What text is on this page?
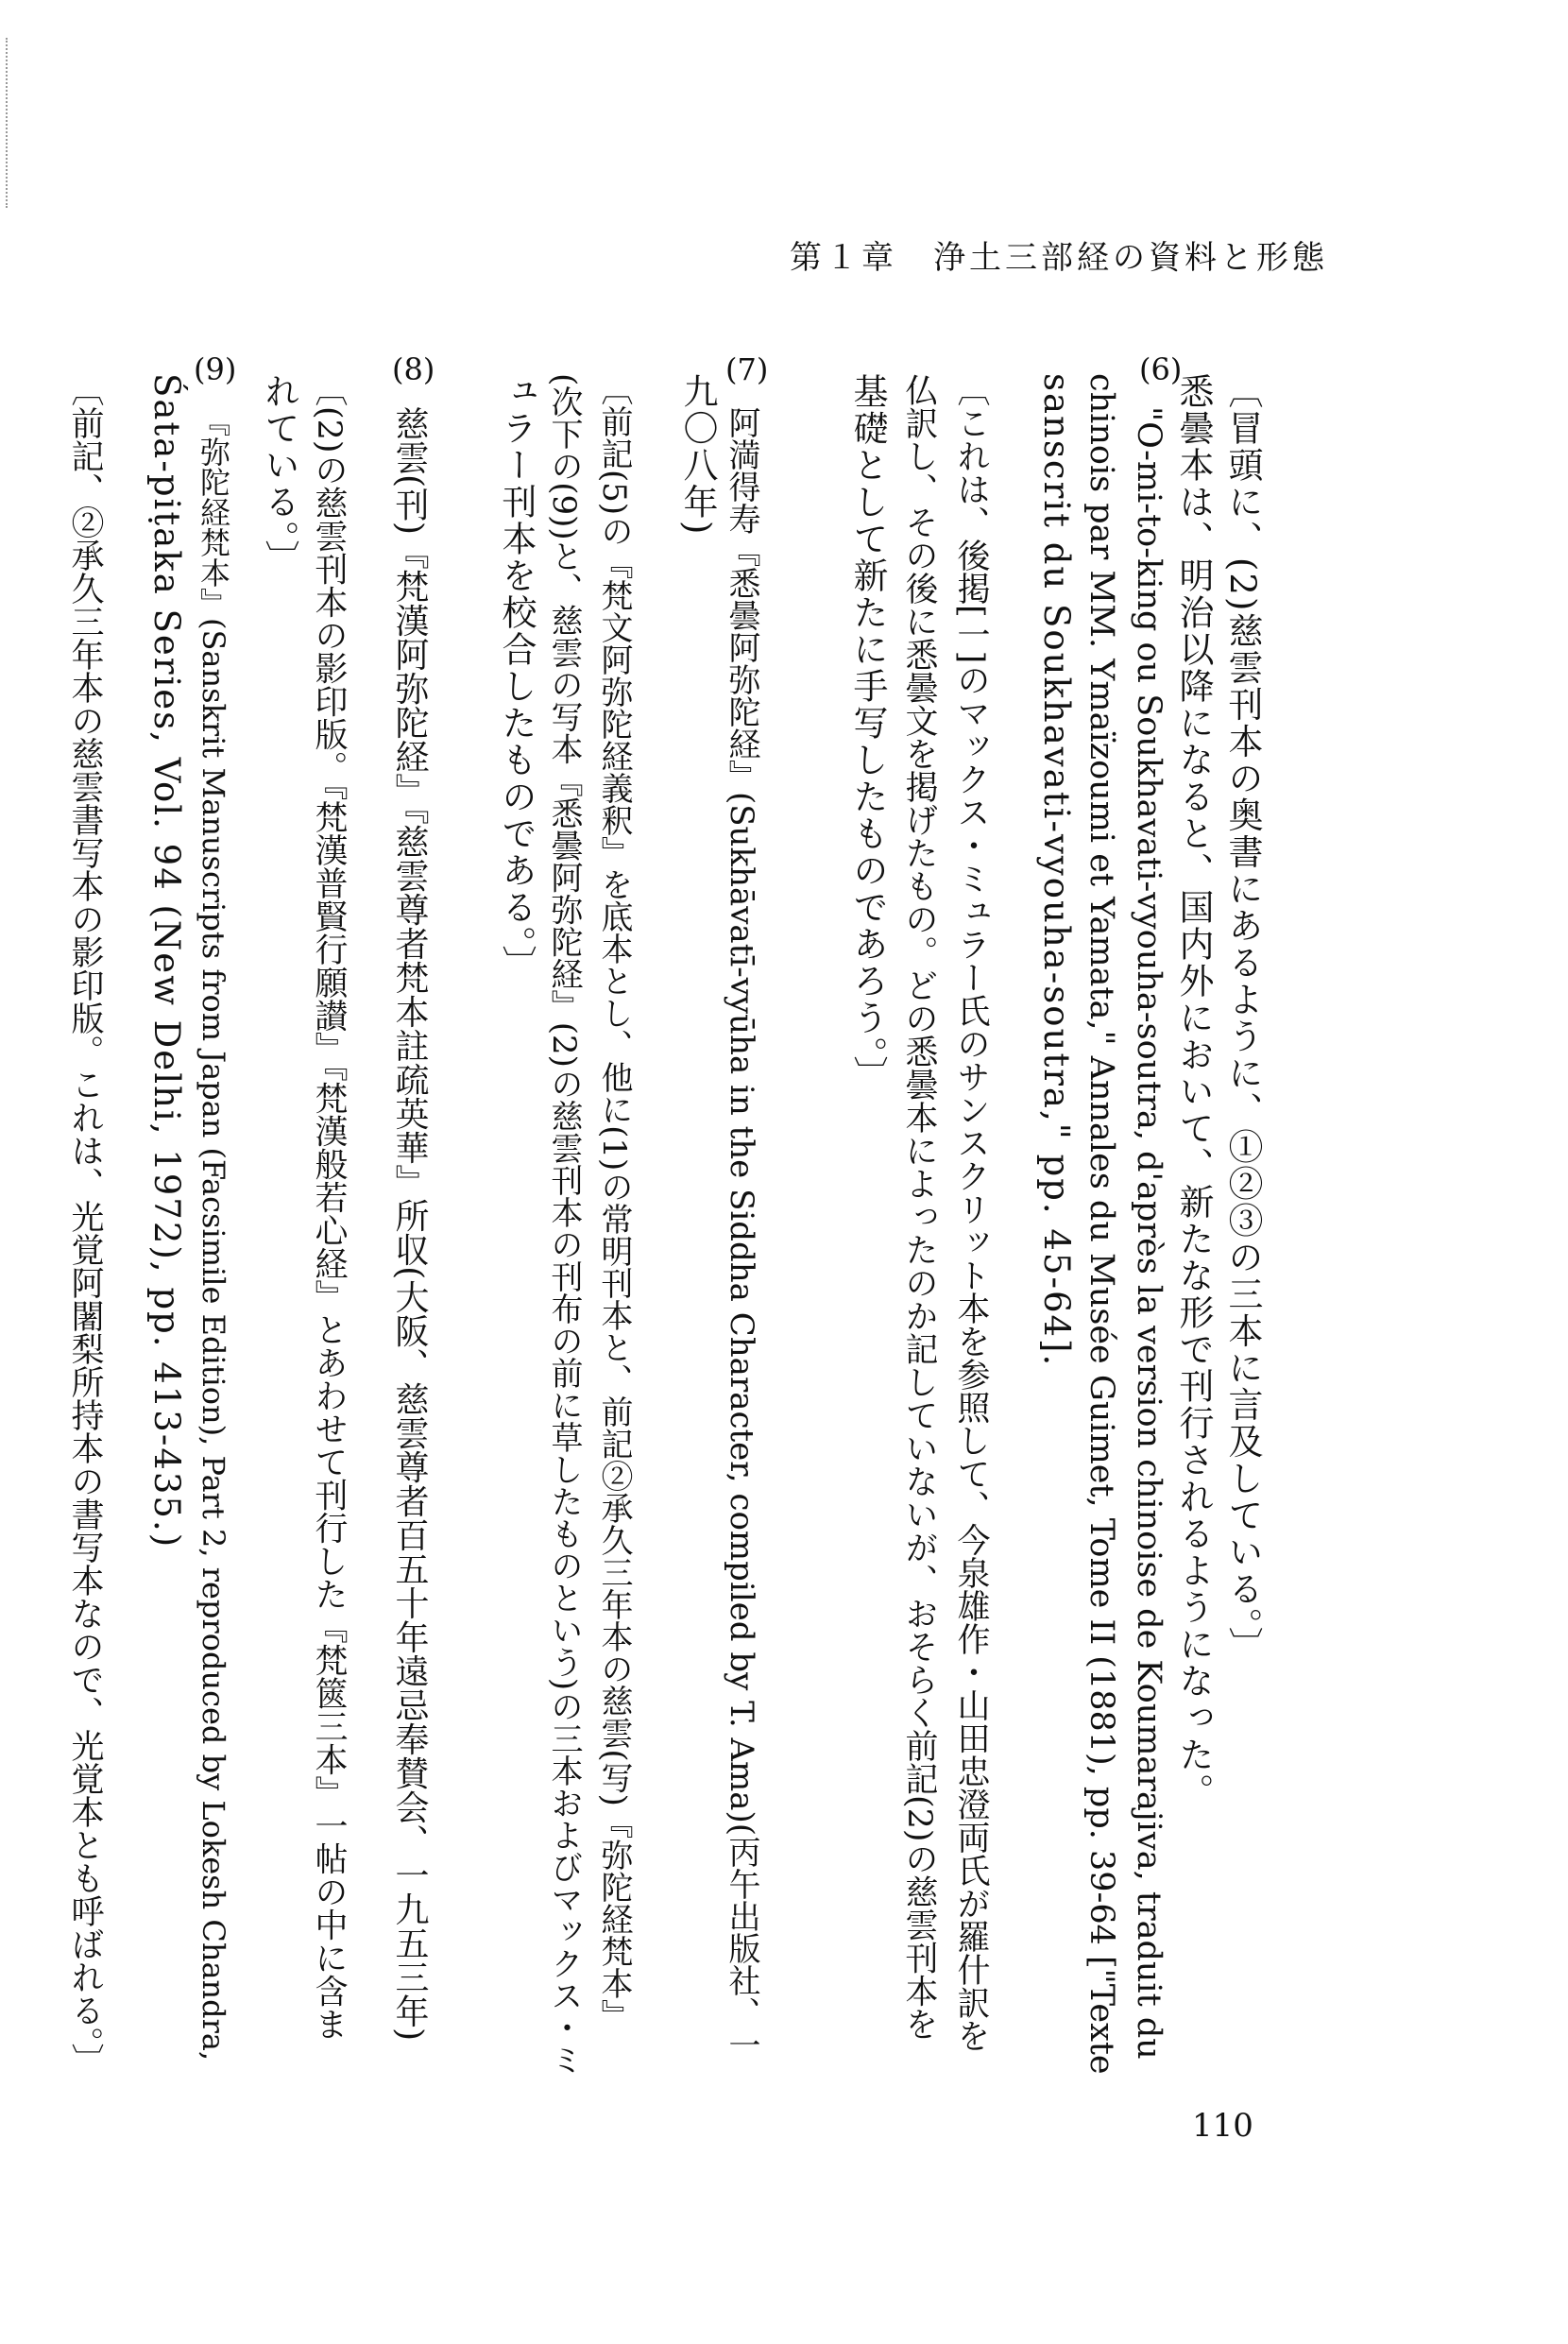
第１章　浄土三部経の資料と形態
〔冒頭に、(2)慈雲刊本の奥書にあるように、①②③の三本に言及している。〕
(6)
悉曇本は、明治以降になると、国内外において、新たな形で刊行されるようになった。
"O-mi-to-king ou Soukhavati-vyouha-soutra, d'après la version chinoise de Koumarajiva, traduit du
chinois par MM. Ymaïzoumi et Yamata," Annales du Musée Guimet, Tome II (1881), pp. 39-64 ["Texte
sanscrit du Soukhavati-vyouha-soutra," pp. 45-64].
〔これは、後掲[一]のマックス・ミュラー氏のサンスクリット本を参照して、今泉雄作・山田忠澄両氏が羅什訳を
仏訳し、その後に悉曇文を掲げたもの。どの悉曇本によったのか記していないが、おそらく前記(2)の慈雲刊本を
基礎として新たに手写したものであろう。〕
(7)
阿満得寿『悉曇阿弥陀経』(Sukhāvatī-vyūha in the Siddha Character, compiled by T. Ama)(丙午出版社、一
九〇八年)
〔前記(5)の『梵文阿弥陀経義釈』を底本とし、他に(1)の常明刊本と、前記②承久三年本の慈雲(写)『弥陀経梵本』
(次下の(9))と、慈雲の写本『悉曇阿弥陀経』(2)の慈雲刊本の刊布の前に草したものという)の三本およびマックス・ミ
ュラー刊本を校合したものである。〕
(8)
慈雲(刊)『梵漢阿弥陀経』『慈雲尊者梵本註疏英華』所収(大阪、慈雲尊者百五十年遠忌奉賛会、一九五三年)
〔(2)の慈雲刊本の影印版。『梵漢普賢行願讃』『梵漢般若心経』とあわせて刊行した『梵篋三本』一帖の中に含ま
れている。〕
(9)
『弥陀経梵本』(Sanskrit Manuscripts from Japan (Facsimile Edition), Part 2, reproduced by Lokesh Chandra,
Śata-piṭaka Series, Vol. 94 (New Delhi, 1972), pp. 413-435.)
〔前記、②承久三年本の慈雲書写本の影印版。これは、光覚阿闍梨所持本の書写本なので、光覚本とも呼ばれる。〕
110
